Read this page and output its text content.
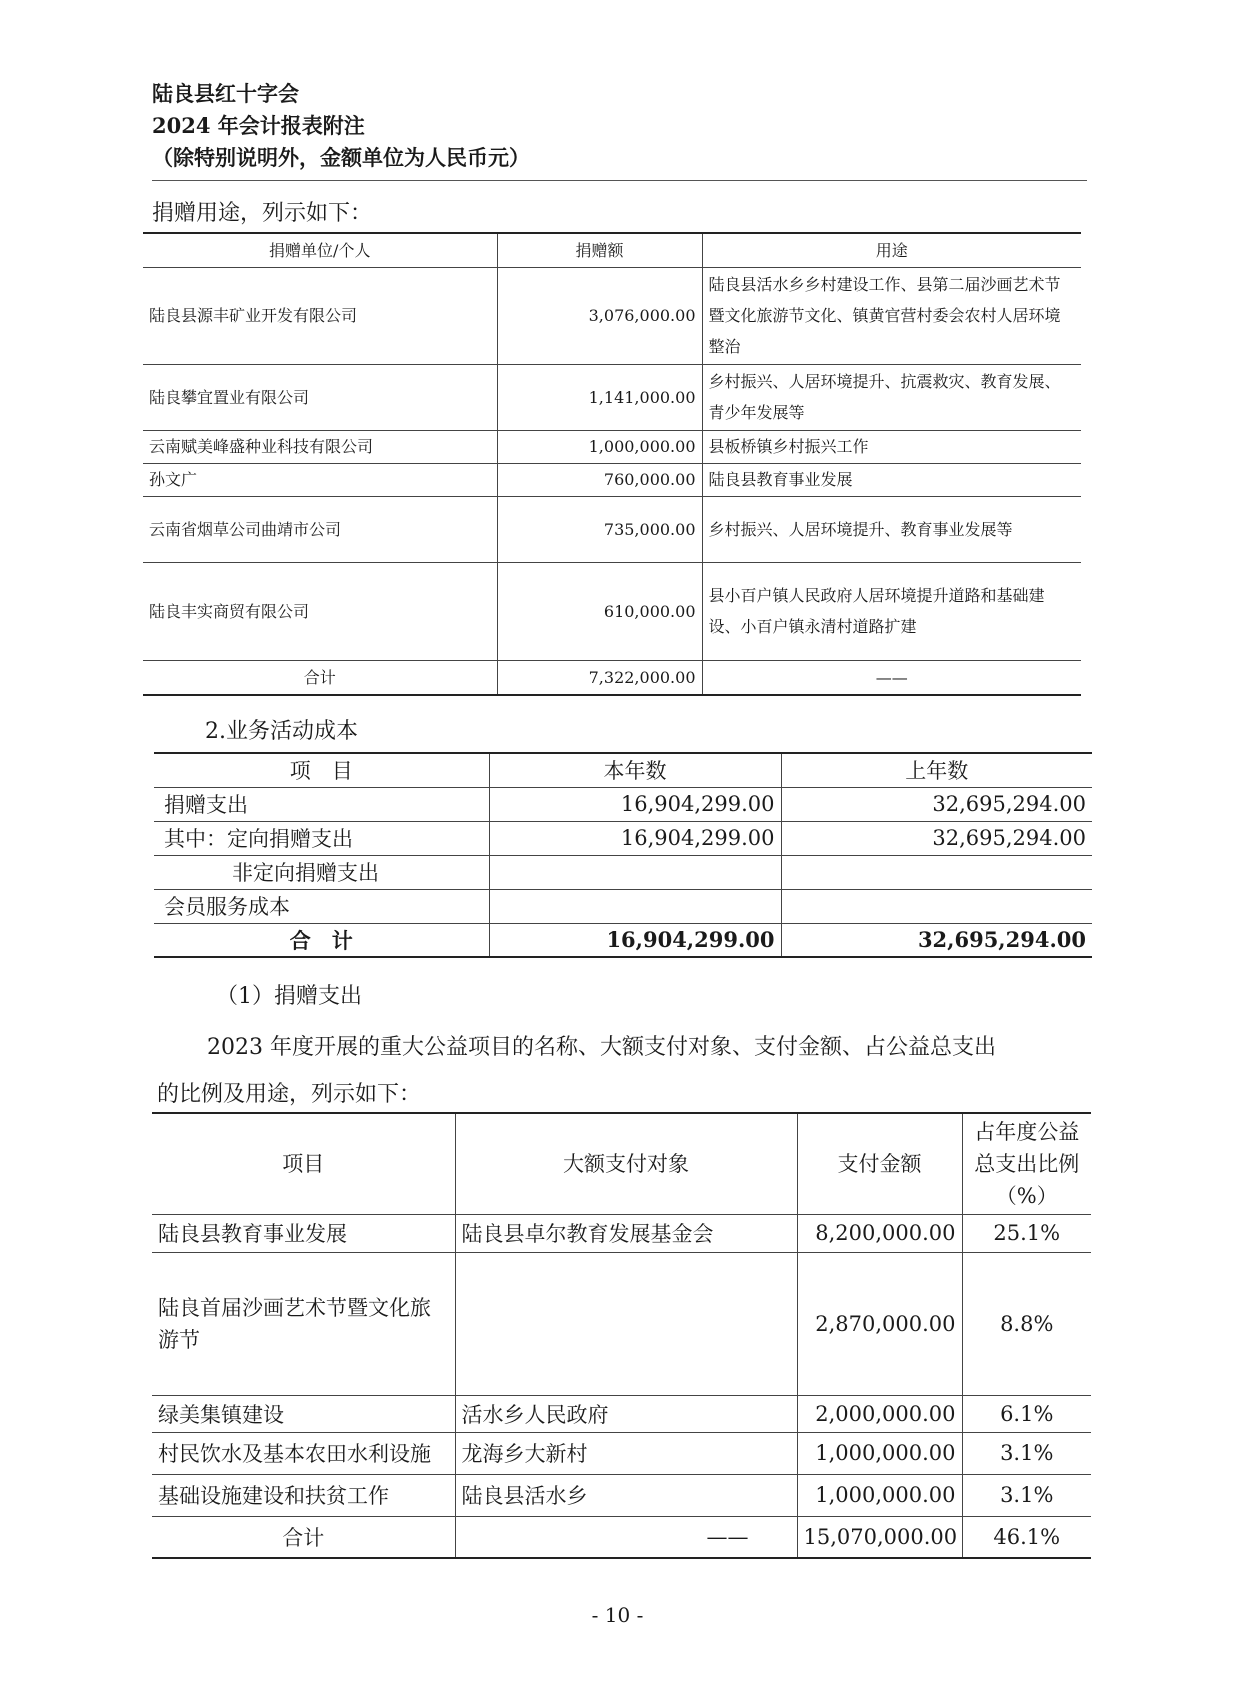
陆良县红十字会
2024 年会计报表附注
（除特别说明外，金额单位为人民币元）
捐赠用途，列示如下：
捐赠单位/个人	捐赠额	用途
陆良县源丰矿业开发有限公司	3,076,000.00	陆良县活水乡乡村建设工作、县第二届沙画艺术节暨文化旅游节文化、镇黄官营村委会农村人居环境整治
陆良攀宜置业有限公司	1,141,000.00	乡村振兴、人居环境提升、抗震救灾、教育发展、青少年发展等
云南赋美峰盛种业科技有限公司	1,000,000.00	县板桥镇乡村振兴工作
孙文广	760,000.00	陆良县教育事业发展
云南省烟草公司曲靖市公司	735,000.00	乡村振兴、人居环境提升、教育事业发展等
陆良丰实商贸有限公司	610,000.00	县小百户镇人民政府人居环境提升道路和基础建设、小百户镇永清村道路扩建
合计	7,322,000.00	——
2.业务活动成本
项　目	本年数	上年数
捐赠支出	16,904,299.00	32,695,294.00
其中：定向捐赠支出	16,904,299.00	32,695,294.00
非定向捐赠支出		
会员服务成本		
合　计	16,904,299.00	32,695,294.00
（1）捐赠支出
2023 年度开展的重大公益项目的名称、大额支付对象、支付金额、占公益总支出
的比例及用途，列示如下：
项目	大额支付对象	支付金额	占年度公益总支出比例（%）
陆良县教育事业发展	陆良县卓尔教育发展基金会	8,200,000.00	25.1%
陆良首届沙画艺术节暨文化旅游节		2,870,000.00	8.8%
绿美集镇建设	活水乡人民政府	2,000,000.00	6.1%
村民饮水及基本农田水利设施	龙海乡大新村	1,000,000.00	3.1%
基础设施建设和扶贫工作	陆良县活水乡	1,000,000.00	3.1%
合计	——	15,070,000.00	46.1%
- 10 -
